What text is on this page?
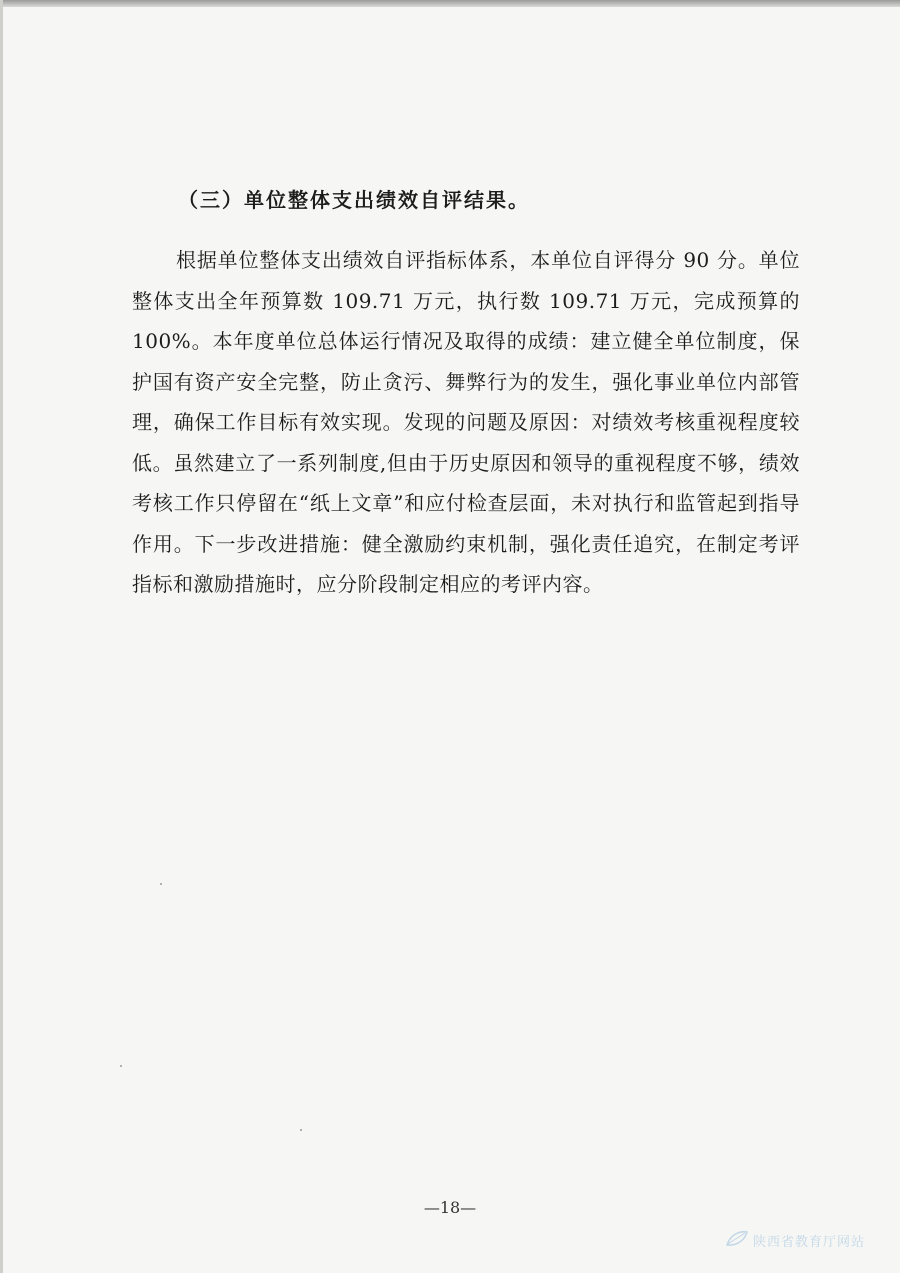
（三）单位整体支出绩效自评结果。

根据单位整体支出绩效自评指标体系，本单位自评得分 90 分。单位整体支出全年预算数 109.71 万元，执行数 109.71 万元，完成预算的 100%。本年度单位总体运行情况及取得的成绩：建立健全单位制度，保护国有资产安全完整，防止贪污、舞弊行为的发生，强化事业单位内部管理，确保工作目标有效实现。发现的问题及原因：对绩效考核重视程度较低。虽然建立了一系列制度,但由于历史原因和领导的重视程度不够，绩效考核工作只停留在“纸上文章”和应付检查层面，未对执行和监管起到指导作用。下一步改进措施：健全激励约束机制，强化责任追究，在制定考评指标和激励措施时，应分阶段制定相应的考评内容。

—18—
陕西省教育厅网站
